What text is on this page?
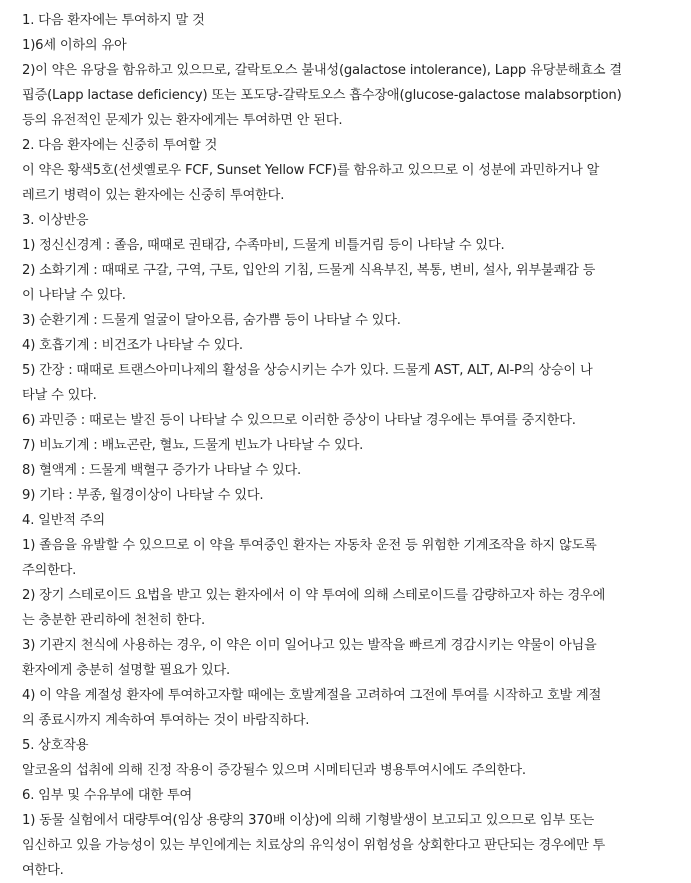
1. 다음 환자에는 투여하지 말 것
1)6세 이하의 유아
2)이 약은 유당을 함유하고 있으므로, 갈락토오스 불내성(galactose intolerance), Lapp 유당분해효소 결
핍증(Lapp lactase deficiency) 또는 포도당-갈락토오스 흡수장애(glucose-galactose malabsorption)
등의 유전적인 문제가 있는 환자에게는 투여하면 안 된다.
2. 다음 환자에는 신중히 투여할 것
이 약은 황색5호(선셋옐로우 FCF, Sunset Yellow FCF)를 함유하고 있으므로 이 성분에 과민하거나 알
레르기 병력이 있는 환자에는 신중히 투여한다.
3. 이상반응
1) 정신신경계 : 졸음, 때때로 권태감, 수족마비, 드물게 비틀거림 등이 나타날 수 있다.
2) 소화기계 : 때때로 구갈, 구역, 구토, 입안의 기침, 드물게 식욕부진, 복통, 변비, 설사, 위부불쾌감 등
이 나타날 수 있다.
3) 순환기계 : 드물게 얼굴이 달아오름, 숨가쁨 등이 나타날 수 있다.
4) 호흡기계 : 비건조가 나타날 수 있다.
5) 간장 : 때때로 트랜스아미나제의 활성을 상승시키는 수가 있다. 드물게 AST, ALT, Al-P의 상승이 나
타날 수 있다.
6) 과민증 : 때로는 발진 등이 나타날 수 있으므로 이러한 증상이 나타날 경우에는 투여를 중지한다.
7) 비뇨기계 : 배뇨곤란, 혈뇨, 드물게 빈뇨가 나타날 수 있다.
8) 혈액계 : 드물게 백혈구 증가가 나타날 수 있다.
9) 기타 : 부종, 월경이상이 나타날 수 있다.
4. 일반적 주의
1) 졸음을 유발할 수 있으므로 이 약을 투여중인 환자는 자동차 운전 등 위험한 기계조작을 하지 않도록
주의한다.
2) 장기 스테로이드 요법을 받고 있는 환자에서 이 약 투여에 의해 스테로이드를 감량하고자 하는 경우에
는 충분한 관리하에 천천히 한다.
3) 기관지 천식에 사용하는 경우, 이 약은 이미 일어나고 있는 발작을 빠르게 경감시키는 약물이 아님을
환자에게 충분히 설명할 필요가 있다.
4) 이 약을 계절성 환자에 투여하고자할 때에는 호발계절을 고려하여 그전에 투여를 시작하고 호발 계절
의 종료시까지 계속하여 투여하는 것이 바람직하다.
5. 상호작용
알코올의 섭취에 의해 진정 작용이 증강될수 있으며 시메티딘과 병용투여시에도 주의한다.
6. 임부 및 수유부에 대한 투여
1) 동물 실험에서 대량투여(임상 용량의 370배 이상)에 의해 기형발생이 보고되고 있으므로 임부 또는
임신하고 있을 가능성이 있는 부인에게는 치료상의 유익성이 위험성을 상회한다고 판단되는 경우에만 투
여한다.
